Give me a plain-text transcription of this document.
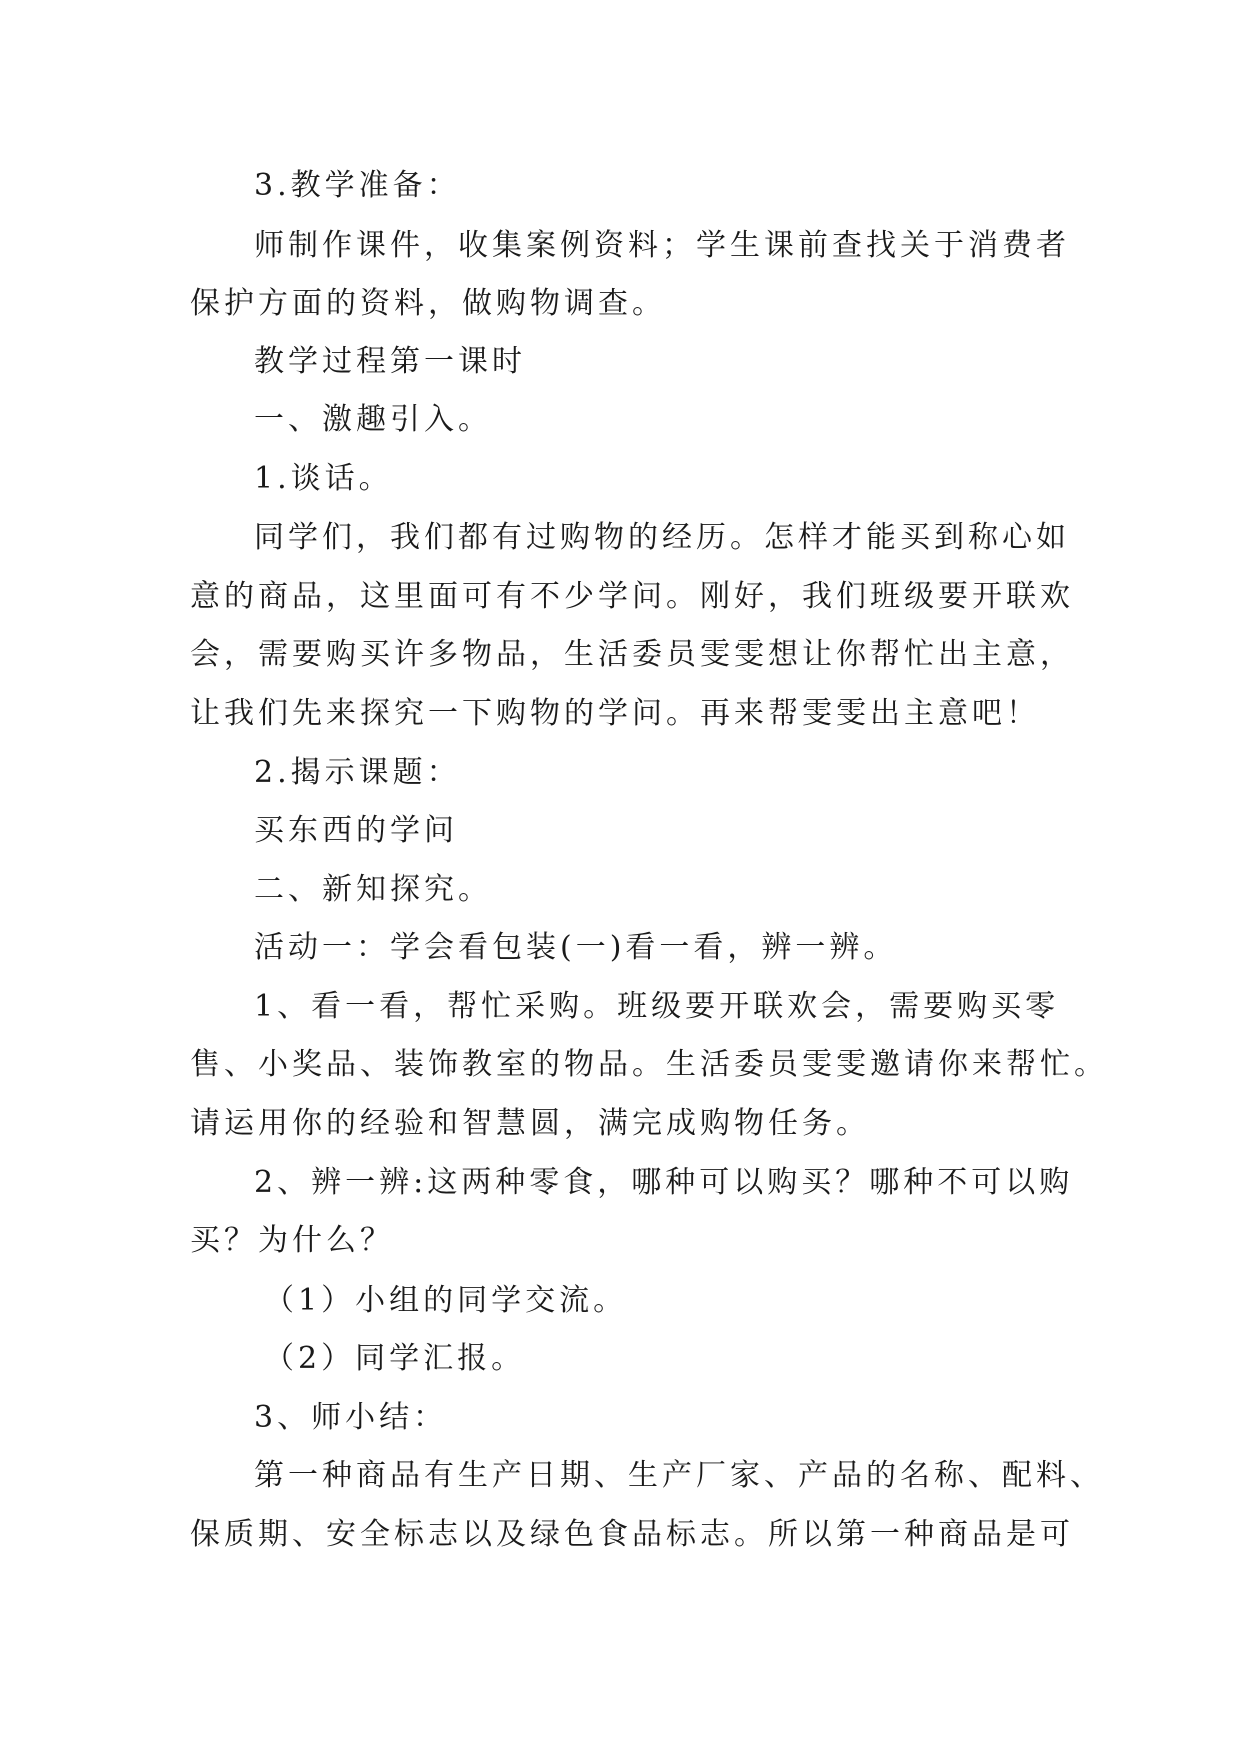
3.教学准备：
师制作课件，收集案例资料；学生课前查找关于消费者
保护方面的资料，做购物调查。
教学过程第一课时
一、激趣引入。
1.谈话。
同学们，我们都有过购物的经历。怎样才能买到称心如
意的商品，这里面可有不少学问。刚好，我们班级要开联欢
会，需要购买许多物品，生活委员雯雯想让你帮忙出主意，
让我们先来探究一下购物的学问。再来帮雯雯出主意吧！
2.揭示课题：
买东西的学问
二、新知探究。
活动一：学会看包装(一)看一看，辨一辨。
1、看一看，帮忙采购。班级要开联欢会，需要购买零
售、小奖品、装饰教室的物品。生活委员雯雯邀请你来帮忙。
请运用你的经验和智慧圆，满完成购物任务。
2、辨一辨:这两种零食，哪种可以购买？哪种不可以购
买？为什么？
（1）小组的同学交流。
（2）同学汇报。
3、师小结：
第一种商品有生产日期、生产厂家、产品的名称、配料、
保质期、安全标志以及绿色食品标志。所以第一种商品是可
